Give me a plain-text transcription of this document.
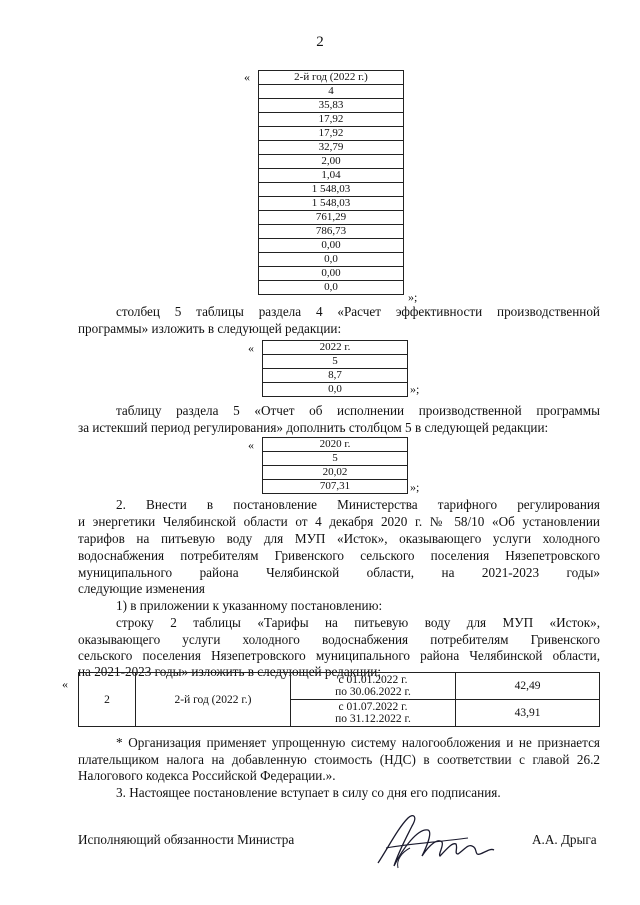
2
«	2-й год (2022 г.)
4
35,83
17,92
17,92
32,79
2,00
1,04
1 548,03
1 548,03
761,29
786,73
0,00
0,0
0,00
0,0
»;
столбец 5 таблицы раздела 4 «Расчет эффективности производственной
программы» изложить в следующей редакции:
«	2022 г.
5
8,7
0,0	»;
таблицу раздела 5 «Отчет об исполнении производственной программы
за истекший период регулирования» дополнить столбцом 5 в следующей редакции:
«	2020 г.
5
20,02
707,31	»;
2. Внести в постановление Министерства тарифного регулирования
и энергетики Челябинской области от 4 декабря 2020 г. № 58/10 «Об установлении
тарифов на питьевую воду для МУП «Исток», оказывающего услуги холодного
водоснабжения потребителям Гривенского сельского поселения Нязепетровского
муниципального района Челябинской области, на 2021-2023 годы»
следующие изменения
1) в приложении к указанному постановлению:
строку 2 таблицы «Тарифы на питьевую воду для МУП «Исток»,
оказывающего услуги холодного водоснабжения потребителям Гривенского
сельского поселения Нязепетровского муниципального района Челябинской области,
на 2021-2023 годы» изложить в следующей редакции:
«
2	2-й год (2022 г.)	с 01.01.2022 г.
по 30.06.2022 г.	42,49

		с 01.07.2022 г.
по 31.12.2022 г.	43,91
* Организация применяет упрощенную систему налогообложения и не признается
плательщиком налога на добавленную стоимость (НДС) в соответствии с главой 26.2
Налогового кодекса Российской Федерации.».
3. Настоящее постановление вступает в силу со дня его подписания.
Исполняющий обязанности Министра	А.А. Дрыга
